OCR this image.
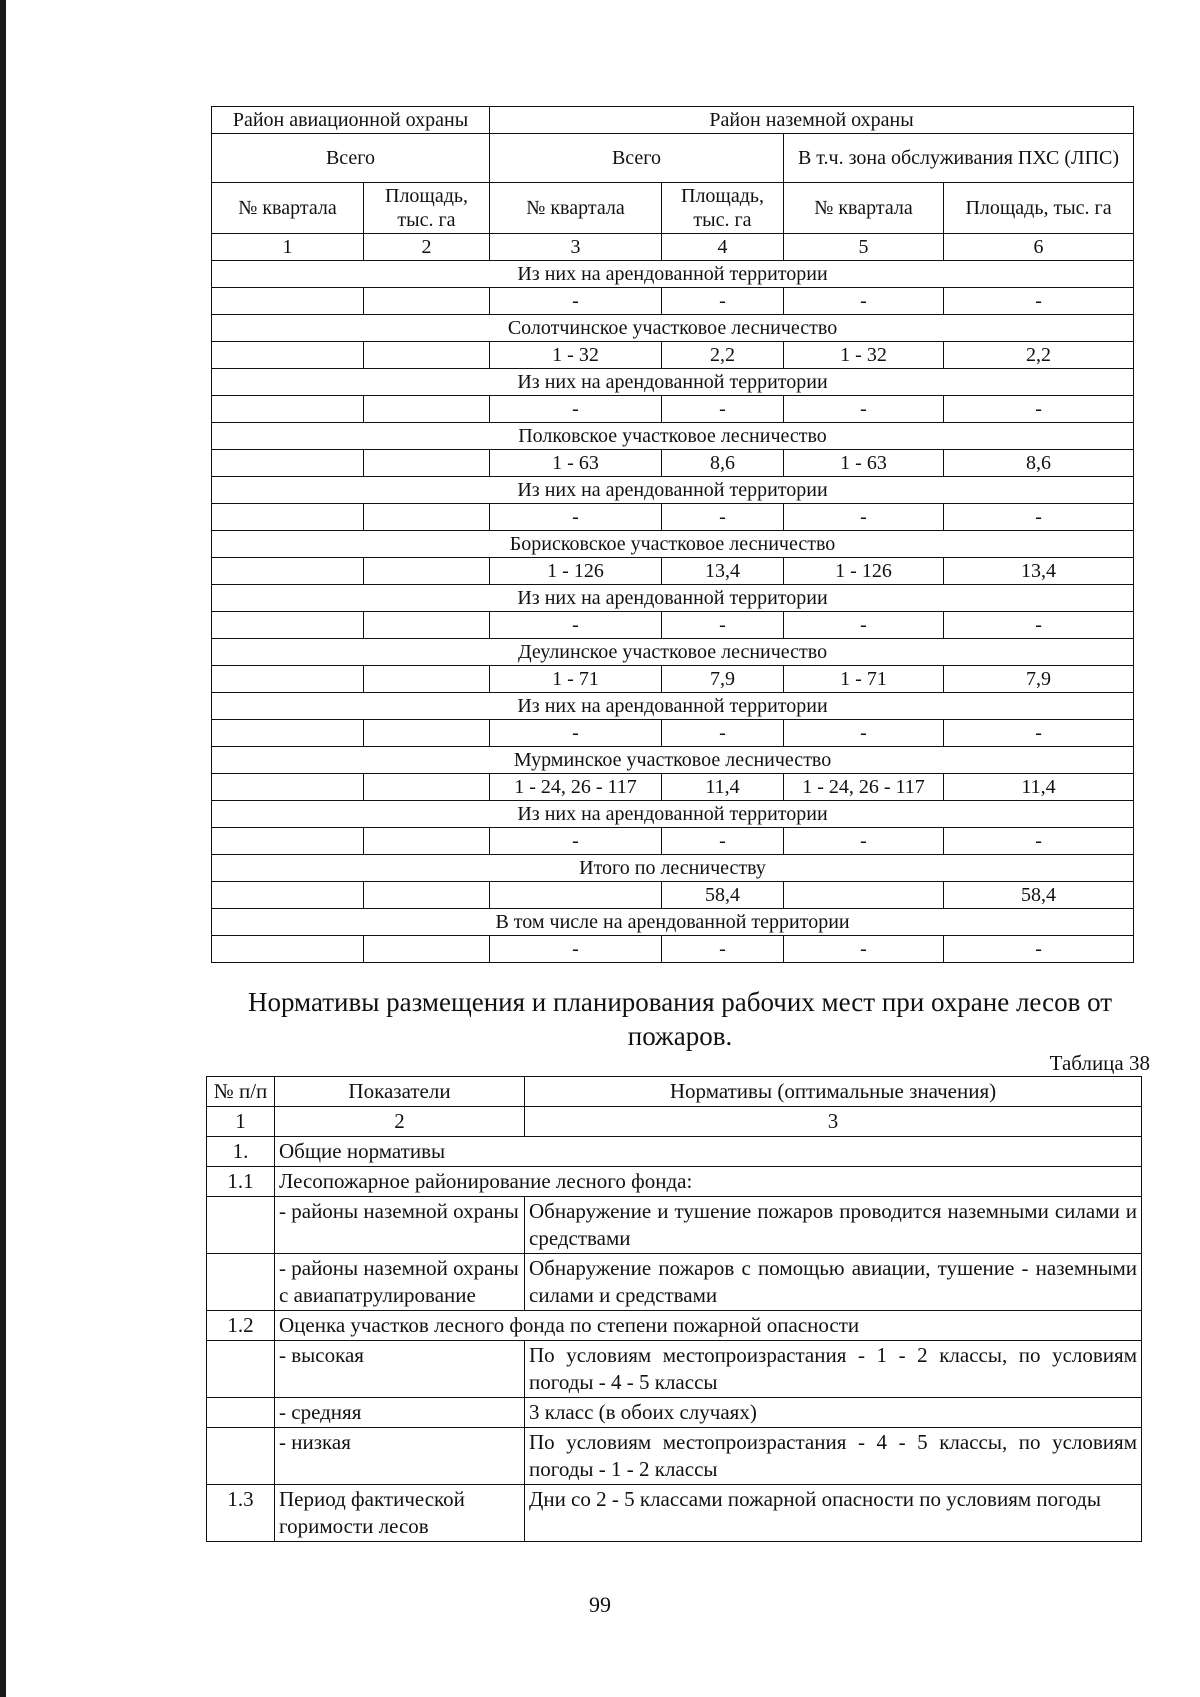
Район авиационной охраны		Район наземной охраны			
Всего		Всего		В т.ч. зона обслуживания ПХС (ЛПС)	
№ квартала	Площадь, тыс. га	№ квартала	Площадь, тыс. га	№ квартала	Площадь, тыс. га
1	2	3	4	5	6
Из них на арендованной территории					
		-	-	-	-
Солотчинское участковое лесничество					
		1 - 32	2,2	1 - 32	2,2
Из них на арендованной территории					
		-	-	-	-
Полковское участковое лесничество					
		1 - 63	8,6	1 - 63	8,6
Из них на арендованной территории					
		-	-	-	-
Борисковское участковое лесничество					
		1 - 126	13,4	1 - 126	13,4
Из них на арендованной территории					
		-	-	-	-
Деулинское участковое лесничество					
		1 - 71	7,9	1 - 71	7,9
Из них на арендованной территории					
		-	-	-	-
Мурминское участковое лесничество					
		1 - 24, 26 - 117	11,4	1 - 24, 26 - 117	11,4
Из них на арендованной территории					
		-	-	-	-
Итого по лесничеству					
			58,4		58,4
В том числе на арендованной территории					
		-	-	-	-
Нормативы размещения и планирования рабочих мест при охране лесов от пожаров.
Таблица 38
№ п/п	Показатели	Нормативы (оптимальные значения)
1	2	3
1.	Общие нормативы	
1.1	Лесопожарное районирование лесного фонда:	
	- районы наземной охраны	Обнаружение и тушение пожаров проводится наземными силами и средствами
	- районы наземной охраны с авиапатрулирование	Обнаружение пожаров с помощью авиации, тушение - наземными силами и средствами
1.2	Оценка участков лесного фонда по степени пожарной опасности	
	- высокая	По условиям местопроизрастания - 1 - 2 классы, по условиям погоды - 4 - 5 классы
	- средняя	3 класс (в обоих случаях)
	- низкая	По условиям местопроизрастания - 4 - 5 классы, по условиям погоды - 1 - 2 классы
1.3	Период фактической горимости лесов	Дни со 2 - 5 классами пожарной опасности по условиям погоды
99
